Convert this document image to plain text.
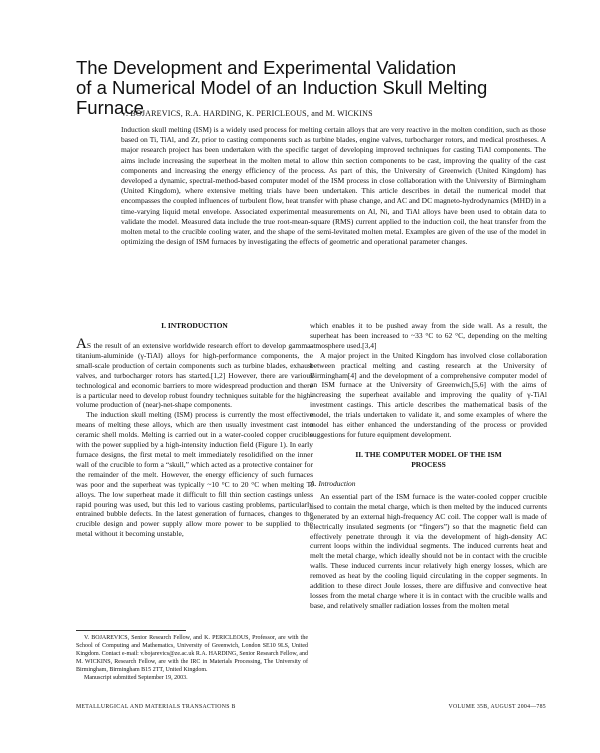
The Development and Experimental Validation
of a Numerical Model of an Induction Skull Melting Furnace
V. BOJAREVICS, R.A. HARDING, K. PERICLEOUS, and M. WICKINS

Induction skull melting (ISM) is a widely used process for melting certain alloys that are very reactive in the molten condition, such as those based on Ti, TiAl, and Zr, prior to casting components such as turbine blades, engine valves, turbocharger rotors, and medical prostheses. A major research project has been undertaken with the specific target of developing improved techniques for casting TiAl components. The aims include increasing the superheat in the molten metal to allow thin section components to be cast, improving the quality of the cast components and increasing the energy efficiency of the process. As part of this, the University of Greenwich (United Kingdom) has developed a dynamic, spectral-method-based computer model of the ISM process in close collaboration with the University of Birmingham (United Kingdom), where extensive melting trials have been undertaken. This article describes in detail the numerical model that encompasses the coupled influences of turbulent flow, heat transfer with phase change, and AC and DC magneto-hydrodynamics (MHD) in a time-varying liquid metal envelope. Associated experimental measurements on Al, Ni, and TiAl alloys have been used to obtain data to validate the model. Measured data include the true root-mean-square (RMS) current applied to the induction coil, the heat transfer from the molten metal to the crucible cooling water, and the shape of the semi-levitated molten metal. Examples are given of the use of the model in optimizing the design of ISM furnaces by investigating the effects of geometric and operational parameter changes.

I. INTRODUCTION

AS the result of an extensive worldwide research effort to develop gamma-titanium-aluminide (γ-TiAl) alloys for high-performance components, the small-scale production of certain components such as turbine blades, exhaust valves, and turbocharger rotors has started.[1,2] However, there are various technological and economic barriers to more widespread production and there is a particular need to develop robust foundry techniques suitable for the high-volume production of (near)-net-shape components.

The induction skull melting (ISM) process is currently the most effective means of melting these alloys, which are then usually investment cast into ceramic shell molds. Melting is carried out in a water-cooled copper crucible with the power supplied by a high-intensity induction field (Figure 1). In early furnace designs, the first metal to melt immediately resolidified on the inner wall of the crucible to form a “skull,” which acted as a protective container for the remainder of the melt. However, the energy efficiency of such furnaces was poor and the superheat was typically ~10 °C to 20 °C when melting Ti alloys. The low superheat made it difficult to fill thin section castings unless rapid pouring was used, but this led to various casting problems, particularly entrained bubble defects. In the latest generation of furnaces, changes to the crucible design and power supply allow more power to be supplied to the metal without it becoming unstable,

which enables it to be pushed away from the side wall. As a result, the superheat has been increased to ~33 °C to 62 °C, depending on the melting atmosphere used.[3,4]

A major project in the United Kingdom has involved close collaboration between practical melting and casting research at the University of Birmingham[4] and the development of a comprehensive computer model of an ISM furnace at the University of Greenwich,[5,6] with the aims of increasing the superheat available and improving the quality of γ-TiAl investment castings. This article describes the mathematical basis of the model, the trials undertaken to validate it, and some examples of where the model has either enhanced the understanding of the process or provided suggestions for future equipment development.

II. THE COMPUTER MODEL OF THE ISM
PROCESS
A. Introduction

An essential part of the ISM furnace is the water-cooled copper crucible used to contain the metal charge, which is then melted by the induced currents generated by an external high-frequency AC coil. The copper wall is made of electrically insulated segments (or “fingers”) so that the magnetic field can effectively penetrate through it via the development of high-density AC current loops within the individual segments. The induced currents heat and melt the metal charge, which ideally should not be in contact with the crucible walls. These induced currents incur relatively high energy losses, which are removed as heat by the cooling liquid circulating in the copper segments. In addition to these direct Joule losses, there are diffusive and convective heat losses from the metal charge where it is in contact with the crucible walls and base, and relatively smaller radiation losses from the molten metal

V. BOJAREVICS, Senior Research Fellow, and K. PERICLEOUS, Professor, are with the School of Computing and Mathematics, University of Greenwich, London SE10 9LS, United Kingdom. Contact e-mail: v.bojarevics@ze.ac.uk R.A. HARDING, Senior Research Fellow, and M. WICKINS, Research Fellow, are with the IRC in Materials Processing, The University of Birmingham, Birmingham B15 2TT, United Kingdom.

Manuscript submitted September 19, 2003.

METALLURGICAL AND MATERIALS TRANSACTIONS B	VOLUME 35B, AUGUST 2004—785
